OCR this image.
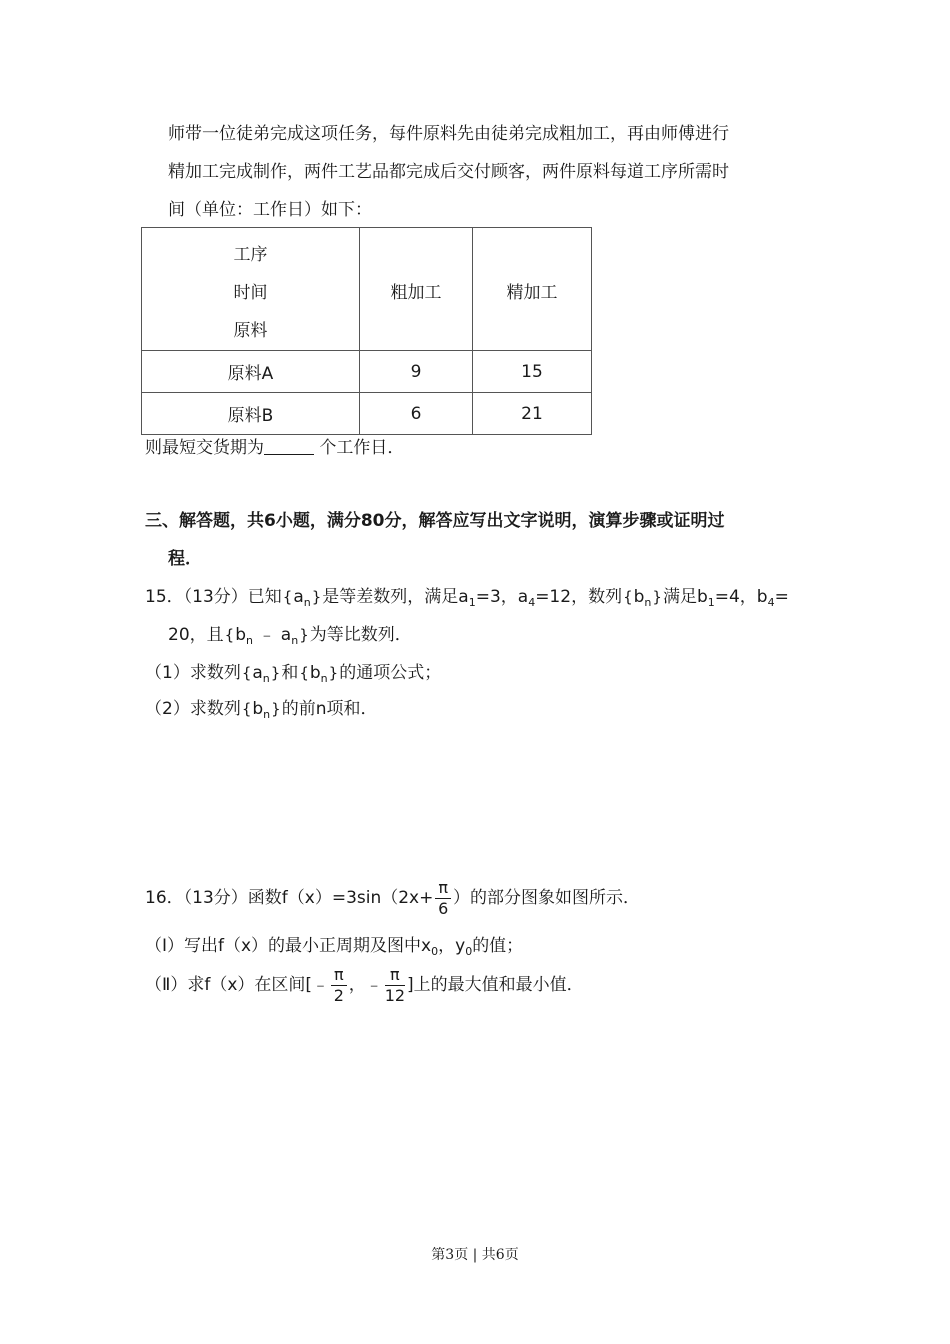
师带一位徒弟完成这项任务，每件原料先由徒弟完成粗加工，再由师傅进行
精加工完成制作，两件工艺品都完成后交付顾客，两件原料每道工序所需时
间（单位：工作日）如下：
工序
时间
原料	粗加工	精加工

原料A	9	15
原料B	6	21
则最短交货期为	个工作日．
三、解答题，共6小题，满分80分，解答应写出文字说明，演算步骤或证明过
程．
15．（13分）已知$\{a_n\}$是等差数列，满足$a_1=3$，$a_4=12$，数列$\{b_n\}$满足$b_1=4$，$b_4=$
20，且{$b_n$ ﹣ $a_n$}为等比数列．
（1）求数列$\{a_n\}$和$\{b_n\}$的通项公式；
（2）求数列$\{b_n\}$的前n项和．
16．（13分）函数$f(x)=3\sin(2x+ \frac{\pi}{6}$ ）的部分图象如图所示．
（Ⅰ）写出f（x）的最小正周期及图中$x_0$，$y_0$的值；
（Ⅱ）求f（x）在区间[﹣ $\frac{\pi}{2}$ ，﹣ $\frac{\pi}{12}$ ]上的最大值和最小值．
第3页 | 共6页
